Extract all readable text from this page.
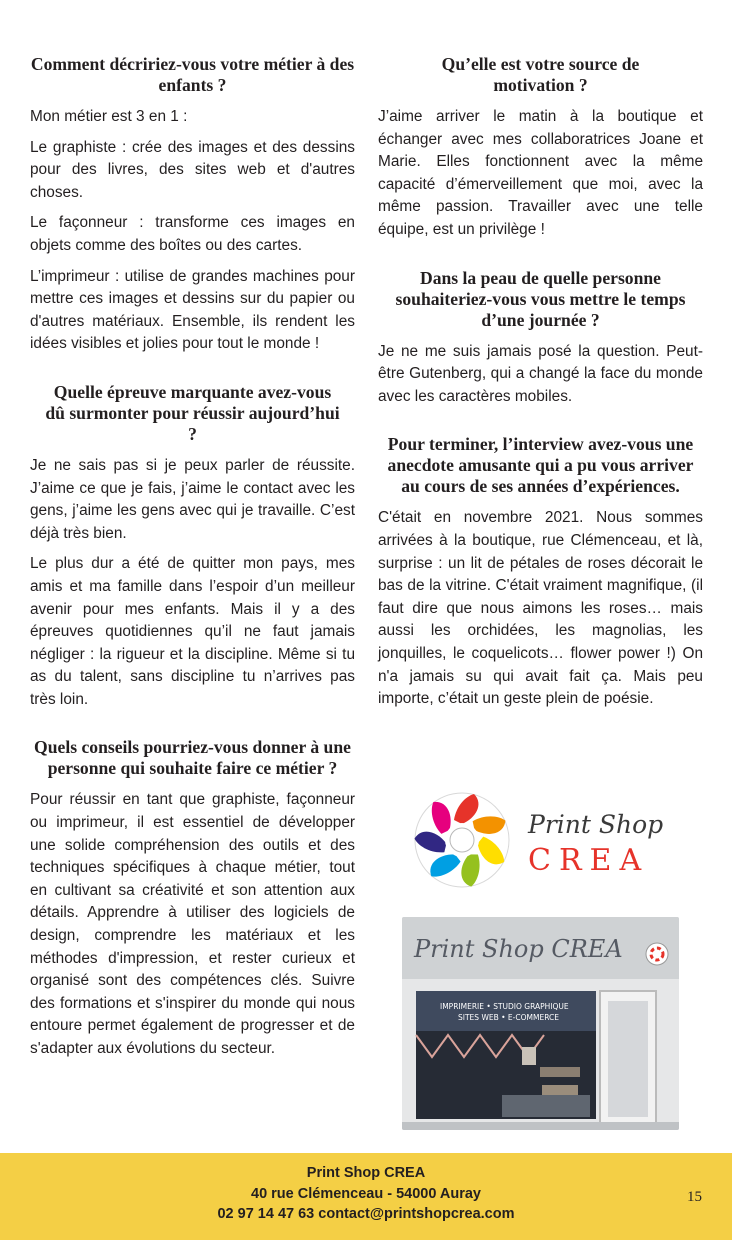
Comment décririez-vous votre métier à des enfants ?

Mon métier est 3 en 1 :

Le graphiste : crée des images et des dessins pour des livres, des sites web et d'autres choses.

Le façonneur : transforme ces images en objets comme des boîtes ou des cartes.

L’imprimeur : utilise de grandes machines pour mettre ces images et dessins sur du papier ou d'autres matériaux. Ensemble, ils rendent les idées visibles et jolies pour tout le monde !

Quelle épreuve marquante avez-vous dû surmonter pour réussir aujourd’hui ?

Je ne sais pas si je peux parler de réussite. J’aime ce que je fais, j’aime le contact avec les gens, j’aime les gens avec qui je travaille. C’est déjà très bien.

Le plus dur a été de quitter mon pays, mes amis et ma famille dans l’espoir d’un meilleur avenir pour mes enfants. Mais il y a des épreuves quotidiennes qu’il ne faut jamais négliger : la rigueur et la discipline. Même si tu as du talent, sans discipline tu n’arrives pas très loin.

Quels conseils pourriez-vous donner à une personne qui souhaite faire ce métier ?

Pour réussir en tant que graphiste, façonneur ou imprimeur, il est essentiel de développer une solide compréhension des outils et des techniques spécifiques à chaque métier, tout en cultivant sa créativité et son attention aux détails. Apprendre à utiliser des logiciels de design, comprendre les matériaux et les méthodes d'impression, et rester curieux et organisé sont des compétences clés. Suivre des formations et s'inspirer du monde qui nous entoure permet également de progresser et de s'adapter aux évolutions du secteur.

Qu’elle est votre source de motivation ?

J’aime arriver le matin à la boutique et échanger avec mes collaboratrices Joane et Marie. Elles fonctionnent avec la même capacité d’émerveillement que moi, avec la même passion. Travailler avec une telle équipe, est un privilège !

Dans la peau de quelle personne souhaiteriez-vous vous mettre le temps d’une journée ?

Je ne me suis jamais posé la question. Peut-être Gutenberg, qui a changé la face du monde avec les caractères mobiles.

Pour terminer, l’interview avez-vous une anecdote amusante qui a pu vous arriver au cours de ses années d’expériences.

C'était en novembre 2021. Nous sommes arrivées à la boutique, rue Clémenceau, et là, surprise : un lit de pétales de roses décorait le bas de la vitrine. C'était vraiment magnifique, (il faut dire que nous aimons les roses… mais aussi les orchidées, les magnolias, les jonquilles, le coquelicots… flower power !) On n'a jamais su qui avait fait ça. Mais peu importe, c’était un geste plein de poésie.

Print Shop
CREA
Print Shop CREA
IMPRIMERIE • STUDIO GRAPHIQUE
SITES WEB • E-COMMERCE
Print Shop CREA
40 rue Clémenceau - 54000 Auray
02 97 14 47 63 contact@printshopcrea.com
15
